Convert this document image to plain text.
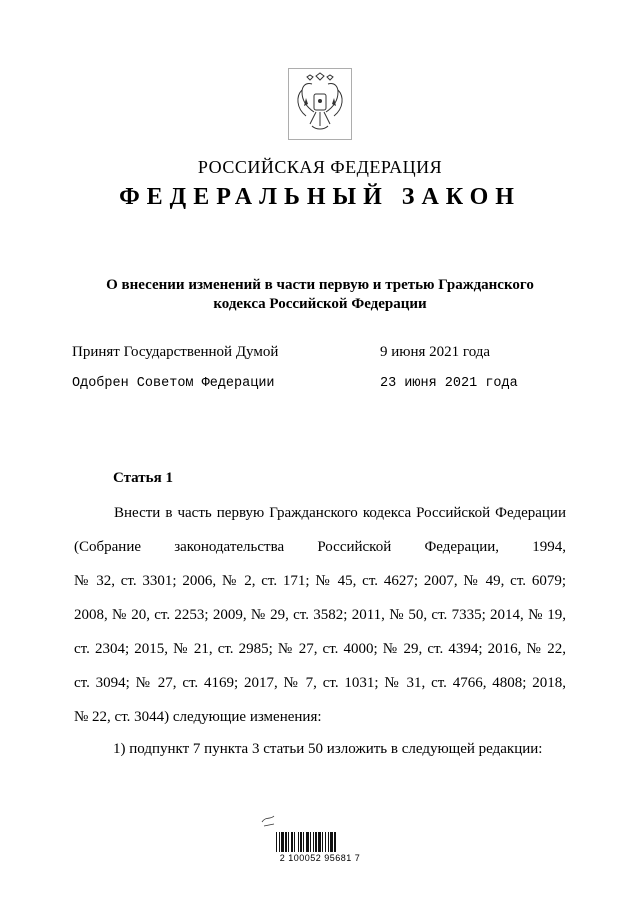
РОССИЙСКАЯ ФЕДЕРАЦИЯ
ФЕДЕРАЛЬНЫЙ ЗАКОН
О внесении изменений в части первую и третью Гражданского
кодекса Российской Федерации
Принят Государственной Думой	9 июня 2021 года
Одобрен Советом Федерации	23 июня 2021 года
Статья 1
Внести в часть первую Гражданского кодекса Российской Федерации
(Собрание законодательства Российской Федерации, 1994,
№ 32, ст. 3301; 2006, № 2, ст. 171; № 45, ст. 4627; 2007, № 49, ст. 6079;
2008, № 20, ст. 2253; 2009, № 29, ст. 3582; 2011, № 50, ст. 7335; 2014, № 19,
ст. 2304; 2015, № 21, ст. 2985; № 27, ст. 4000; № 29, ст. 4394; 2016, № 22,
ст. 3094; № 27, ст. 4169; 2017, № 7, ст. 1031; № 31, ст. 4766, 4808; 2018,
№ 22, ст. 3044) следующие изменения:
1) подпункт 7 пункта 3 статьи 50 изложить в следующей редакции:
2 100052 95681 7
